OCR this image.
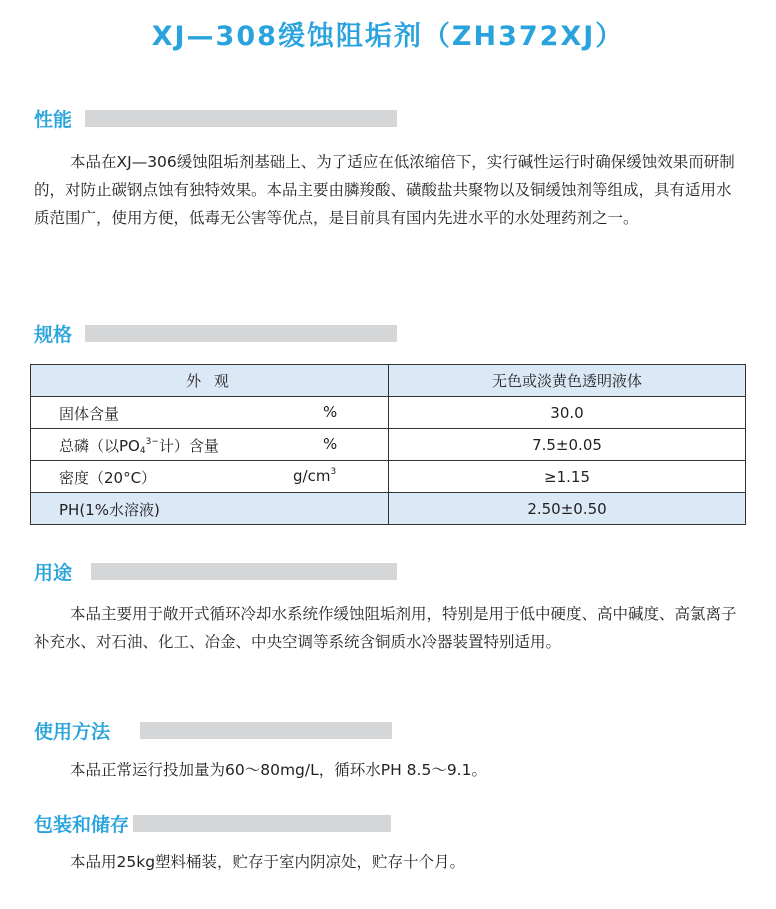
XJ—308缓蚀阻垢剂（ZH372XJ）
性能

本品在XJ—306缓蚀阻垢剂基础上、为了适应在低浓缩倍下，实行碱性运行时确保缓蚀效果而研制的，对防止碳钢点蚀有独特效果。本品主要由膦羧酸、磺酸盐共聚物以及铜缓蚀剂等组成，具有适用水质范围广，使用方便，低毒无公害等优点，是目前具有国内先进水平的水处理药剂之一。

规格
外 观	无色或淡黄色透明液体

固体含量 %	30.0

总磷（以$PO_4^{3-}$计）含量 %	7.5±0.05

密度（20°C） $g/cm^3$	≥1.15

PH(1%水溶液)	2.50±0.50
用途

本品主要用于敞开式循环冷却水系统作缓蚀阻垢剂用，特别是用于低中硬度、高中碱度、高氯离子补充水、对石油、化工、冶金、中央空调等系统含铜质水冷器装置特别适用。

使用方法

本品正常运行投加量为60～80mg/L，循环水PH 8.5～9.1。

包装和储存

本品用25kg塑料桶装，贮存于室内阴凉处，贮存十个月。
